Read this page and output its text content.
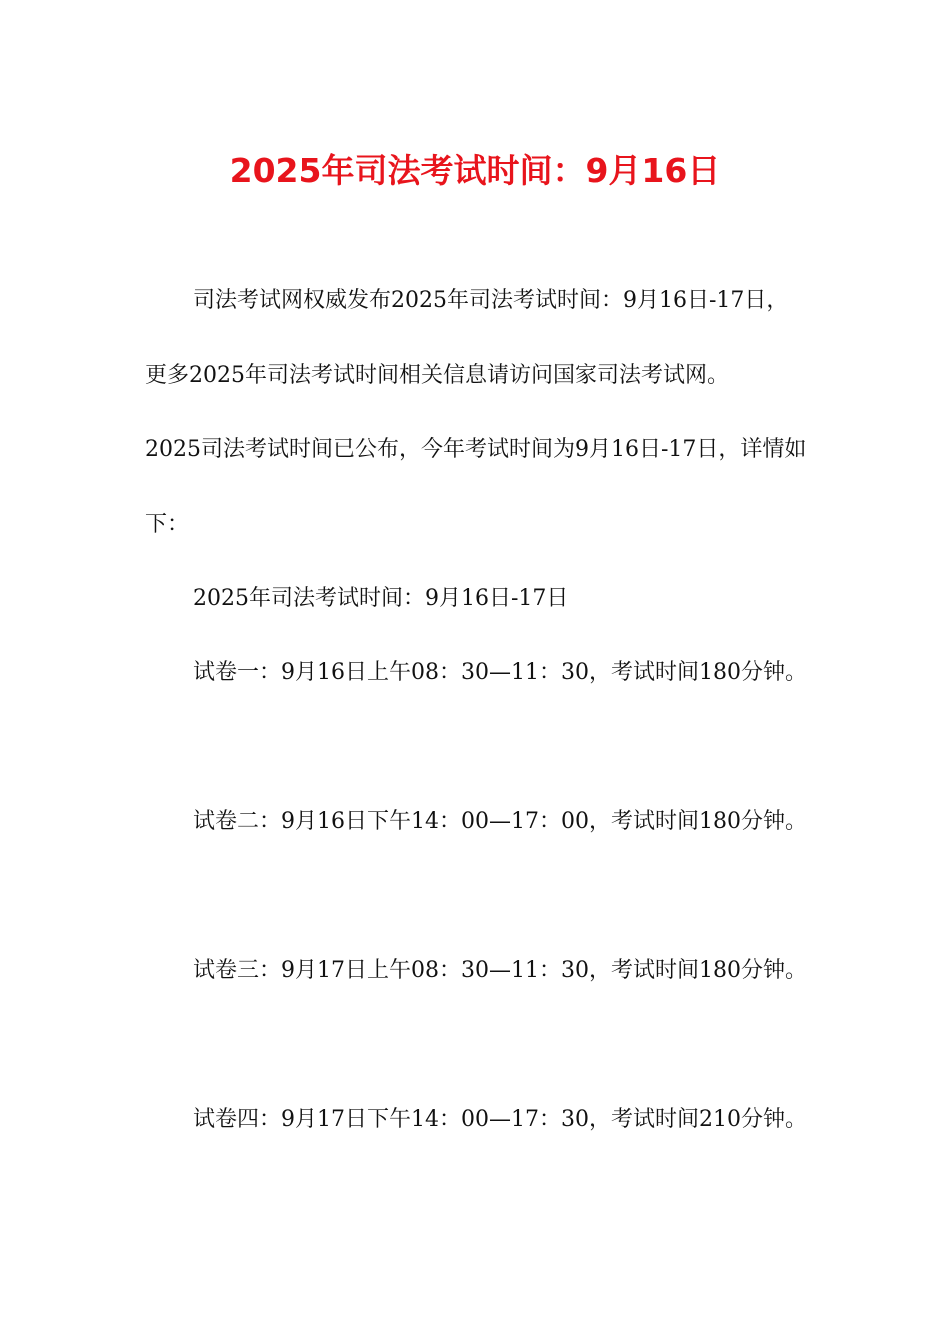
2025年司法考试时间：9月16日

司法考试网权威发布2025年司法考试时间：9月16日-17日，更多2025年司法考试时间相关信息请访问国家司法考试网。

2025司法考试时间已公布，今年考试时间为9月16日-17日，详情如下：

2025年司法考试时间：9月16日-17日

试卷一：9月16日上午08：30—11：30，考试时间180分钟。

试卷二：9月16日下午14：00—17：00，考试时间180分钟。

试卷三：9月17日上午08：30—11：30，考试时间180分钟。

试卷四：9月17日下午14：00—17：30，考试时间210分钟。
